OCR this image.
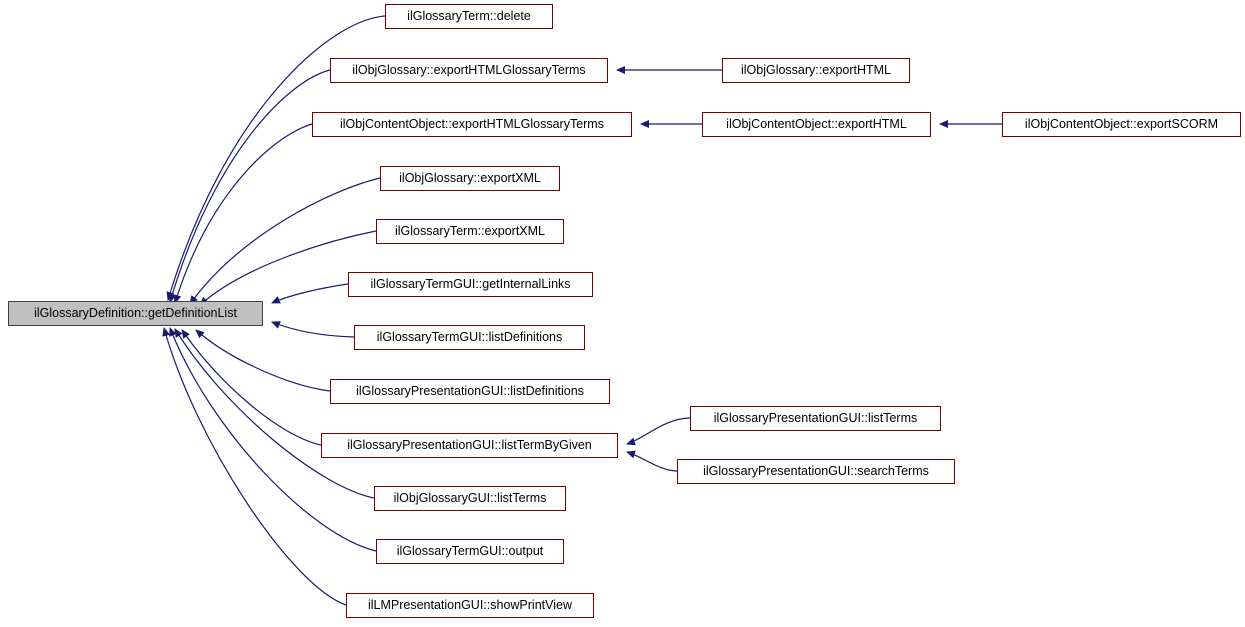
ilGlossaryDefinition::getDefinitionList
ilGlossaryTerm::delete
ilObjGlossary::exportHTMLGlossaryTerms	ilObjGlossary::exportHTML
ilObjContentObject::exportHTMLGlossaryTerms	ilObjContentObject::exportHTML	ilObjContentObject::exportSCORM
ilObjGlossary::exportXML
ilGlossaryTerm::exportXML
ilGlossaryTermGUI::getInternalLinks
ilGlossaryTermGUI::listDefinitions
ilGlossaryPresentationGUI::listDefinitions
ilGlossaryPresentationGUI::listTerms
ilGlossaryPresentationGUI::listTermByGiven
ilGlossaryPresentationGUI::searchTerms
ilObjGlossaryGUI::listTerms
ilGlossaryTermGUI::output
ilLMPresentationGUI::showPrintView
